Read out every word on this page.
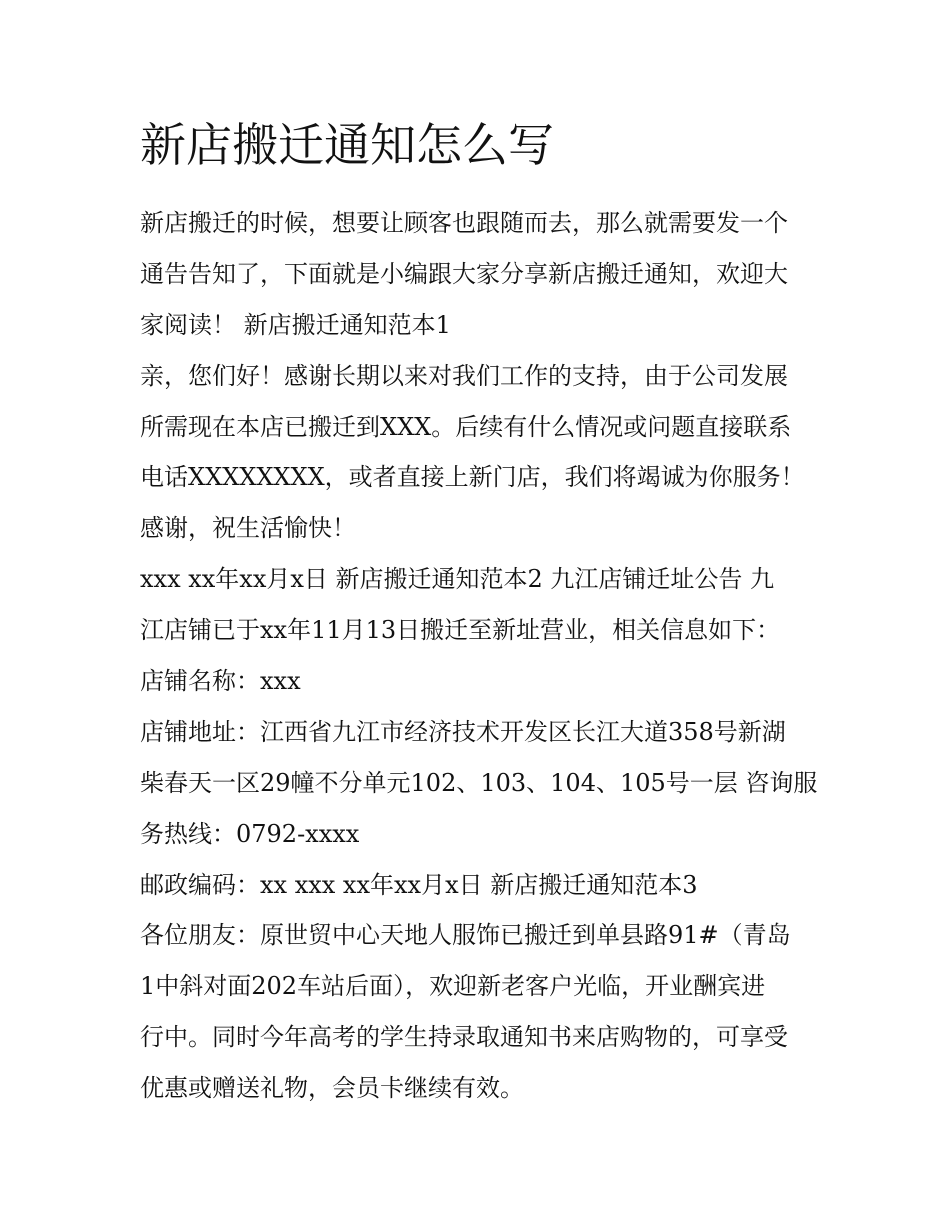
新店搬迁通知怎么写
新店搬迁的时候，想要让顾客也跟随而去，那么就需要发一个
通告告知了，下面就是小编跟大家分享新店搬迁通知，欢迎大
家阅读！ 新店搬迁通知范本1
亲，您们好！感谢长期以来对我们工作的支持，由于公司发展
所需现在本店已搬迁到XXX。后续有什么情况或问题直接联系
电话XXXXXXXX，或者直接上新门店，我们将竭诚为你服务！
感谢，祝生活愉快！
xxx xx年xx月x日 新店搬迁通知范本2 九江店铺迁址公告 九
江店铺已于xx年11月13日搬迁至新址营业，相关信息如下：
店铺名称：xxx
店铺地址：江西省九江市经济技术开发区长江大道358号新湖
柴春天一区29幢不分单元102、103、104、105号一层 咨询服
务热线：0792-xxxx
邮政编码：xx xxx xx年xx月x日 新店搬迁通知范本3
各位朋友：原世贸中心天地人服饰已搬迁到单县路91#（青岛
1中斜对面202车站后面），欢迎新老客户光临，开业酬宾进
行中。同时今年高考的学生持录取通知书来店购物的，可享受
优惠或赠送礼物，会员卡继续有效。
